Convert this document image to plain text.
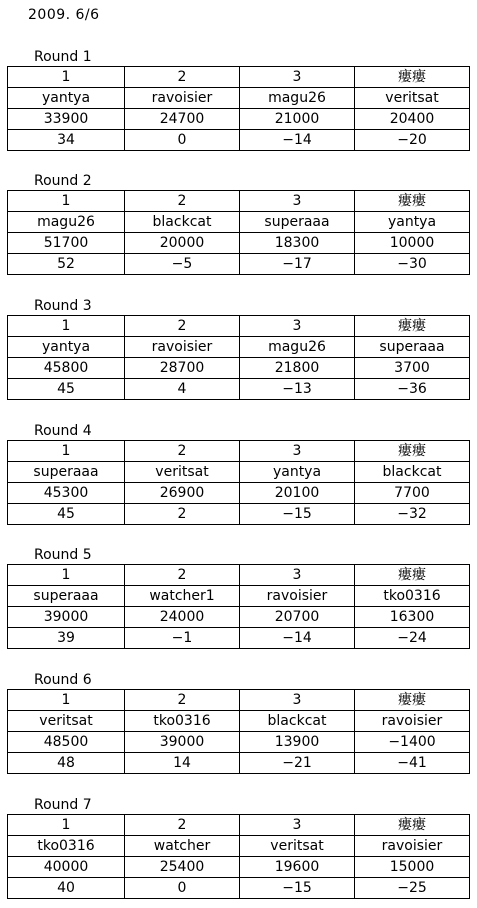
2009. 6/6
Round 1
1	2	3	瘻瘻
yantya	ravoisier	magu26	veritsat
33900	24700	21000	20400
34	0	−14	−20
Round 2
1	2	3	瘻瘻
magu26	blackcat	superaaa	yantya
51700	20000	18300	10000
52	−5	−17	−30
Round 3
1	2	3	瘻瘻
yantya	ravoisier	magu26	superaaa
45800	28700	21800	3700
45	4	−13	−36
Round 4
1	2	3	瘻瘻
superaaa	veritsat	yantya	blackcat
45300	26900	20100	7700
45	2	−15	−32
Round 5
1	2	3	瘻瘻
superaaa	watcher1	ravoisier	tko0316
39000	24000	20700	16300
39	−1	−14	−24
Round 6
1	2	3	瘻瘻
veritsat	tko0316	blackcat	ravoisier
48500	39000	13900	−1400
48	14	−21	−41
Round 7
1	2	3	瘻瘻
tko0316	watcher	veritsat	ravoisier
40000	25400	19600	15000
40	0	−15	−25
